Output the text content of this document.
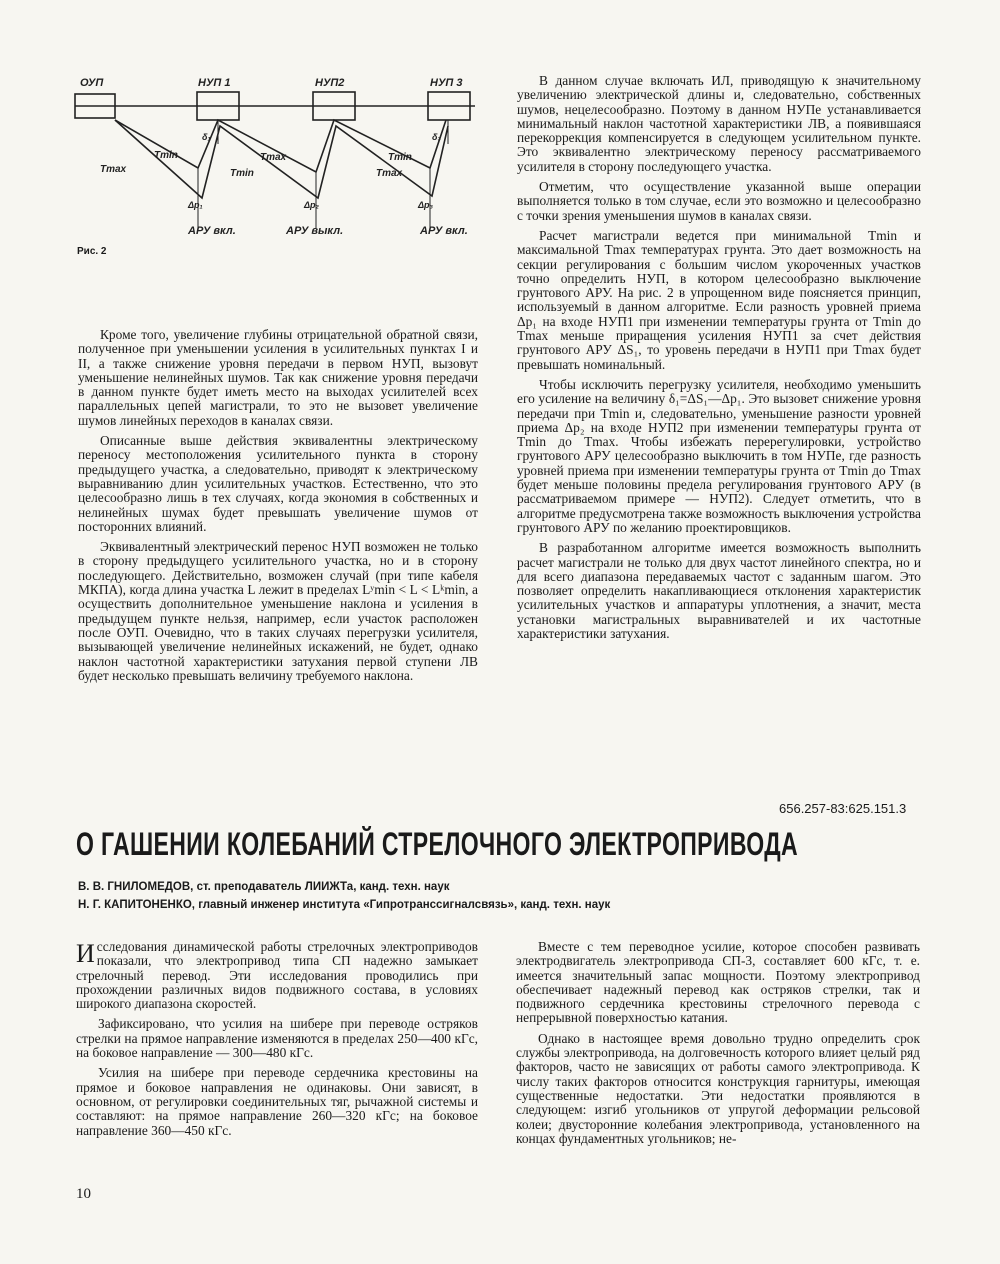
ОУП	НУП 1	НУП2	НУП 3
δ₁	δ₃
Tmax
Tmin	Tmax
Tmin	Tmax
Tmin
Δp₁	Δp₂	Δp₃
АРУ вкл.	АРУ выкл.	АРУ вкл.
Рис. 2

Кроме того, увеличение глубины отрицательной обратной связи, полученное при уменьшении усиления в усилительных пунктах I и II, а также снижение уровня передачи в первом НУП, вызовут уменьшение нелинейных шумов. Так как снижение уровня передачи в данном пункте будет иметь место на выходах усилителей всех параллельных цепей магистрали, то это не вызовет увеличение шумов линейных переходов в каналах связи.

Описанные выше действия эквивалентны электрическому переносу местоположения усилительного пункта в сторону предыдущего участка, а следовательно, приводят к электрическому выравниванию длин усилительных участков. Естественно, что это целесообразно лишь в тех случаях, когда экономия в собственных и нелинейных шумах будет превышать увеличение шумов от посторонних влияний.

Эквивалентный электрический перенос НУП возможен не только в сторону предыдущего усилительного участка, но и в сторону последующего. Действительно, возможен случай (при типе кабеля МКПА), когда длина участка L лежит в пределах Lʸmin < L < Lᵏmin, а осуществить дополнительное уменьшение наклона и усиления в предыдущем пункте нельзя, например, если участок расположен после ОУП. Очевидно, что в таких случаях перегрузки усилителя, вызывающей увеличение нелинейных искажений, не будет, однако наклон частотной характеристики затухания первой ступени ЛВ будет несколько превышать величину требуемого наклона.

В данном случае включать ИЛ, приводящую к значительному увеличению электрической длины и, следовательно, собственных шумов, нецелесообразно. Поэтому в данном НУПе устанавливается минимальный наклон частотной характеристики ЛВ, а появившаяся перекоррекция компенсируется в следующем усилительном пункте. Это эквивалентно электрическому переносу рассматриваемого усилителя в сторону последующего участка.

Отметим, что осуществление указанной выше операции выполняется только в том случае, если это возможно и целесообразно с точки зрения уменьшения шумов в каналах связи.

Расчет магистрали ведется при минимальной Tmin и максимальной Tmax температурах грунта. Это дает возможность на секции регулирования с большим числом укороченных участков точно определить НУП, в котором целесообразно выключение грунтового АРУ. На рис. 2 в упрощенном виде поясняется принцип, используемый в данном алгоритме. Если разность уровней приема Δp₁ на входе НУП1 при изменении температуры грунта от Tmin до Tmax меньше приращения усиления НУП1 за счет действия грунтового АРУ ΔS₁, то уровень передачи в НУП1 при Tmax будет превышать номинальный.

Чтобы исключить перегрузку усилителя, необходимо уменьшить его усиление на величину δ₁=ΔS₁—Δp₁. Это вызовет снижение уровня передачи при Tmin и, следовательно, уменьшение разности уровней приема Δp₂ на входе НУП2 при изменении температуры грунта от Tmin до Tmax. Чтобы избежать перерегулировки, устройство грунтового АРУ целесообразно выключить в том НУПе, где разность уровней приема при изменении температуры грунта от Tmin до Tmax будет меньше половины предела регулирования грунтового АРУ (в рассматриваемом примере — НУП2). Следует отметить, что в алгоритме предусмотрена также возможность выключения устройства грунтового АРУ по желанию проектировщиков.

В разработанном алгоритме имеется возможность выполнить расчет магистрали не только для двух частот линейного спектра, но и для всего диапазона передаваемых частот с заданным шагом. Это позволяет определить накапливающиеся отклонения характеристик усилительных участков и аппаратуры уплотнения, а значит, места установки магистральных выравнивателей и их частотные характеристики затухания.

656.257-83:625.151.3
О ГАШЕНИИ КОЛЕБАНИЙ СТРЕЛОЧНОГО ЭЛЕКТРОПРИВОДА
В. В. ГНИЛОМЕДОВ, ст. преподаватель ЛИИЖТа, канд. техн. наук
Н. Г. КАПИТОНЕНКО, главный инженер института «Гипротранссигналсвязь», канд. техн. наук

Исследования динамической работы стрелочных электроприводов показали, что электропривод типа СП надежно замыкает стрелочный перевод. Эти исследования проводились при прохождении различных видов подвижного состава, в условиях широкого диапазона скоростей.

Зафиксировано, что усилия на шибере при переводе остряков стрелки на прямое направление изменяются в пределах 250—400 кГс, на боковое направление — 300—480 кГс.

Усилия на шибере при переводе сердечника крестовины на прямое и боковое направления не одинаковы. Они зависят, в основном, от регулировки соединительных тяг, рычажной системы и составляют: на прямое направление 260—320 кГс; на боковое направление 360—450 кГс.

Вместе с тем переводное усилие, которое способен развивать электродвигатель электропривода СП-3, составляет 600 кГс, т. е. имеется значительный запас мощности. Поэтому электропривод обеспечивает надежный перевод как остряков стрелки, так и подвижного сердечника крестовины стрелочного перевода с непрерывной поверхностью катания.

Однако в настоящее время довольно трудно определить срок службы электропривода, на долговечность которого влияет целый ряд факторов, часто не зависящих от работы самого электропривода. К числу таких факторов относится конструкция гарнитуры, имеющая существенные недостатки. Эти недостатки проявляются в следующем: изгиб угольников от упругой деформации рельсовой колеи; двусторонние колебания электропривода, установленного на концах фундаментных угольников; не-

10
